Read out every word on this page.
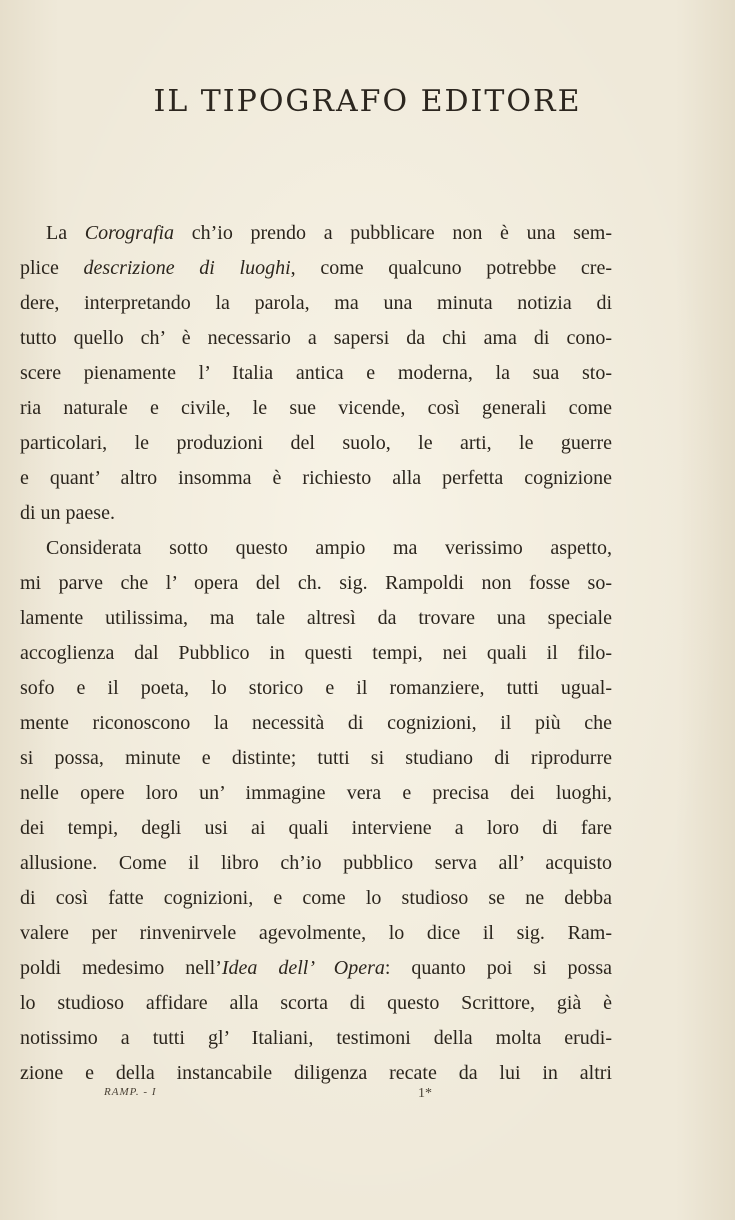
IL TIPOGRAFO EDITORE
La Corografia ch’io prendo a pubblicare non è una sem-
plice descrizione di luoghi, come qualcuno potrebbe cre-
dere, interpretando la parola, ma una minuta notizia di
tutto quello ch’ è necessario a sapersi da chi ama di cono-
scere pienamente l’ Italia antica e moderna, la sua sto-
ria naturale e civile, le sue vicende, così generali come
particolari, le produzioni del suolo, le arti, le guerre
e quant’ altro insomma è richiesto alla perfetta cognizione
di un paese.
Considerata sotto questo ampio ma verissimo aspetto,
mi parve che l’ opera del ch. sig. Rampoldi non fosse so-
lamente utilissima, ma tale altresì da trovare una speciale
accoglienza dal Pubblico in questi tempi, nei quali il filo-
sofo e il poeta, lo storico e il romanziere, tutti ugual-
mente riconoscono la necessità di cognizioni, il più che
si possa, minute e distinte; tutti si studiano di riprodurre
nelle opere loro un’ immagine vera e precisa dei luoghi,
dei tempi, degli usi ai quali interviene a loro di fare
allusione. Come il libro ch’io pubblico serva all’ acquisto
di così fatte cognizioni, e come lo studioso se ne debba
valere per rinvenirvele agevolmente, lo dice il sig. Ram-
poldi medesimo nell’Idea dell’ Opera: quanto poi si possa
lo studioso affidare alla scorta di questo Scrittore, già è
notissimo a tutti gl’ Italiani, testimoni della molta erudi-
zione e della instancabile diligenza recate da lui in altri
RAMP. - I	1*
